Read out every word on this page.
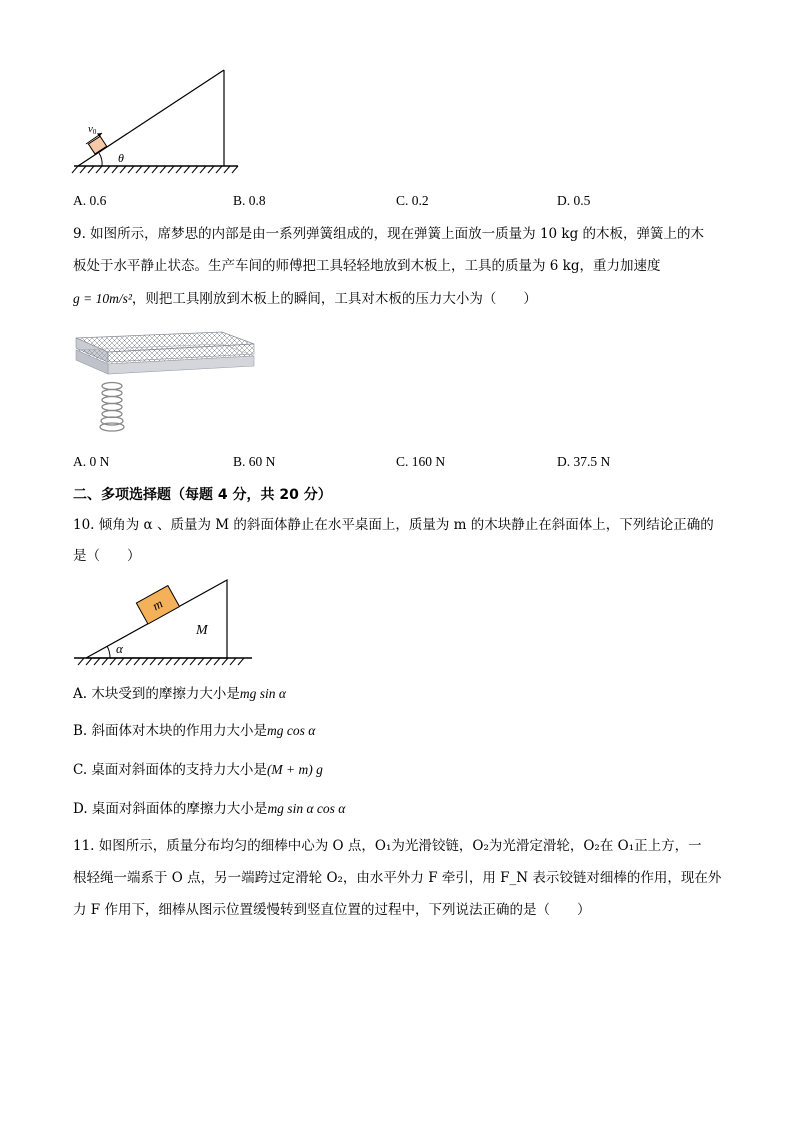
v0
θ
A. 0.6	B. 0.8	C. 0.2	D. 0.5
9. 如图所示，席梦思的内部是由一系列弹簧组成的，现在弹簧上面放一质量为 10 kg 的木板，弹簧上的木
板处于水平静止状态。生产车间的师傅把工具轻轻地放到木板上，工具的质量为 6 kg，重力加速度
g = 10m/s²，则把工具刚放到木板上的瞬间，工具对木板的压力大小为（　　）
A. 0 N	B. 60 N	C. 160 N	D. 37.5 N
二、多项选择题（每题 4 分，共 20 分）
10. 倾角为 α 、质量为 M 的斜面体静止在水平桌面上，质量为 m 的木块静止在斜面体上，下列结论正确的
是（　　）
m
M
α
A. 木块受到的摩擦力大小是mg sin α
B. 斜面体对木块的作用力大小是mg cos α
C. 桌面对斜面体的支持力大小是(M + m) g
D. 桌面对斜面体的摩擦力大小是mg sin α cos α
11. 如图所示，质量分布均匀的细棒中心为 O 点，O₁为光滑铰链，O₂为光滑定滑轮，O₂在 O₁正上方，一
根轻绳一端系于 O 点，另一端跨过定滑轮 O₂，由水平外力 F 牵引，用 F_N 表示铰链对细棒的作用，现在外
力 F 作用下，细棒从图示位置缓慢转到竖直位置的过程中，下列说法正确的是（　　）
